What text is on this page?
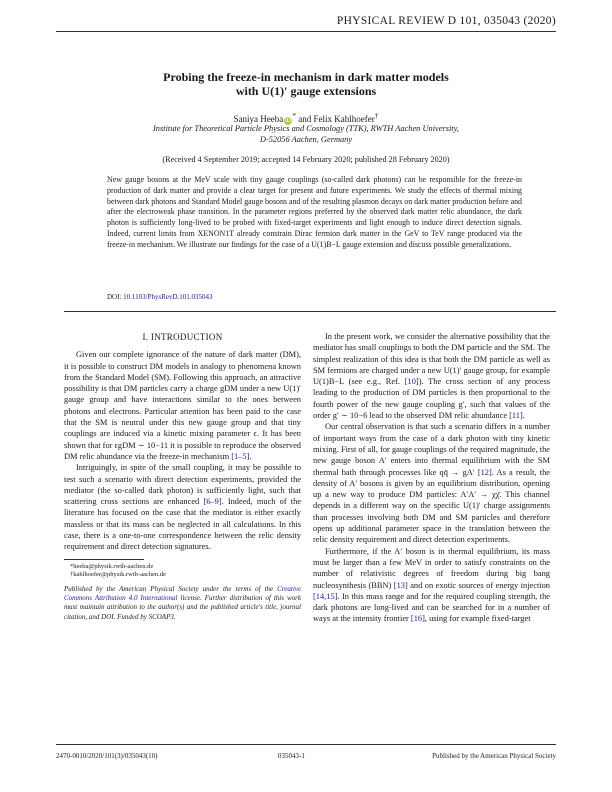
PHYSICAL REVIEW D 101, 035043 (2020)
Probing the freeze-in mechanism in dark matter models
with U(1)′ gauge extensions
Saniya Heeba iD* and Felix Kahlhoefer†
Institute for Theoretical Particle Physics and Cosmology (TTK), RWTH Aachen University,
D-52056 Aachen, Germany
(Received 4 September 2019; accepted 14 February 2020; published 28 February 2020)
New gauge bosons at the MeV scale with tiny gauge couplings (so-called dark photons) can be responsible for the freeze-in production of dark matter and provide a clear target for present and future experiments. We study the effects of thermal mixing between dark photons and Standard Model gauge bosons and of the resulting plasmon decays on dark matter production before and after the electroweak phase transition. In the parameter regions preferred by the observed dark matter relic abundance, the dark photon is sufficiently long-lived to be probed with fixed-target experiments and light enough to induce direct detection signals. Indeed, current limits from XENON1T already constrain Dirac fermion dark matter in the GeV to TeV range produced via the freeze-in mechanism. We illustrate our findings for the case of a U(1)B−L gauge extension and discuss possible generalizations.
DOI: 10.1103/PhysRevD.101.035043
I. INTRODUCTION

Given our complete ignorance of the nature of dark matter (DM), it is possible to construct DM models in analogy to phenomena known from the Standard Model (SM). Following this approach, an attractive possibility is that DM particles carry a charge gDM under a new U(1)′ gauge group and have interactions similar to the ones between photons and electrons. Particular attention has been paid to the case that the SM is neutral under this new gauge group and that tiny couplings are induced via a kinetic mixing parameter ϵ. It has been shown that for ϵgDM ∼ 10−11 it is possible to reproduce the observed DM relic abundance via the freeze-in mechanism [1–5].

Intriguingly, in spite of the small coupling, it may be possible to test such a scenario with direct detection experiments, provided the mediator (the so-called dark photon) is sufficiently light, such that scattering cross sections are enhanced [6–9]. Indeed, much of the literature has focused on the case that the mediator is either exactly massless or that its mass can be neglected in all calculations. In this case, there is a one-to-one correspondence between the relic density requirement and direct detection signatures.

*heeba@physik.rwth-aachen.de
†kahlhoefer@physik.rwth-aachen.de
Published by the American Physical Society under the terms of the Creative Commons Attribution 4.0 International license. Further distribution of this work must maintain attribution to the author(s) and the published article's title, journal citation, and DOI. Funded by SCOAP3.

In the present work, we consider the alternative possibility that the mediator has small couplings to both the DM particle and the SM. The simplest realization of this idea is that both the DM particle as well as SM fermions are charged under a new U(1)′ gauge group, for example U(1)B−L (see e.g., Ref. [10]). The cross section of any process leading to the production of DM particles is then proportional to the fourth power of the new gauge coupling g′, such that values of the order g′ ∼ 10−6 lead to the observed DM relic abundance [11].

Our central observation is that such a scenario differs in a number of important ways from the case of a dark photon with tiny kinetic mixing. First of all, for gauge couplings of the required magnitude, the new gauge boson A′ enters into thermal equilibrium with the SM thermal bath through processes like qq̄ → gA′ [12]. As a result, the density of A′ bosons is given by an equilibrium distribution, opening up a new way to produce DM particles: A′A′ → χχ̄. This channel depends in a different way on the specific U(1)′ charge assignments than processes involving both DM and SM particles and therefore opens up additional parameter space in the translation between the relic density requirement and direct detection experiments.

Furthermore, if the A′ boson is in thermal equilibrium, its mass must be larger than a few MeV in order to satisfy constraints on the number of relativistic degrees of freedom during big bang nucleosynthesis (BBN) [13] and on exotic sources of energy injection [14,15]. In this mass range and for the required coupling strength, the dark photons are long-lived and can be searched for in a number of ways at the intensity frontier [16], using for example fixed-target

2470-0010/2020/101(3)/035043(10)	035043-1	Published by the American Physical Society
